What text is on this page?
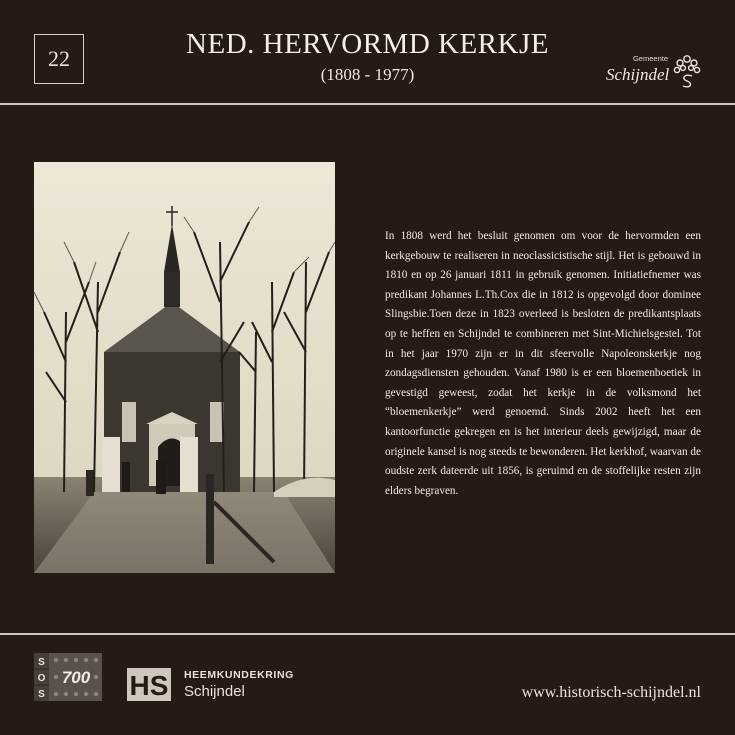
22	NED. HERVORMD KERKJE
(1808 - 1977)
Gemeente
Schijndel

In 1808 werd het besluit genomen om voor de hervormden een kerkgebouw te realiseren in neoclassicistische stijl. Het is gebouwd in 1810 en op 26 januari 1811 in gebruik genomen. Initiatiefnemer was predikant Johannes L.Th.Cox die in 1812 is opgevolgd door dominee Slingsbie.Toen deze in 1823 overleed is besloten de predikantsplaats op te heffen en Schijndel te combineren met Sint-Michielsgestel. Tot in het jaar 1970 zijn er in dit sfeervolle Napoleonskerkje nog zondagsdiensten gehouden. Vanaf 1980 is er een bloemenboetiek in gevestigd geweest, zodat het kerkje in de volksmond het “bloemenkerkje” werd genoemd. Sinds 2002 heeft het een kantoorfunctie gekregen en is het interieur deels gewijzigd, maar de originele kansel is nog steeds te bewonderen. Het kerkhof, waarvan de oudste zerk dateerde uit 1856, is geruimd en de stoffelijke resten zijn elders begraven.

S
O
S
700 HS HEEMKUNDEKRING
Schijndel	www.historisch-schijndel.nl
